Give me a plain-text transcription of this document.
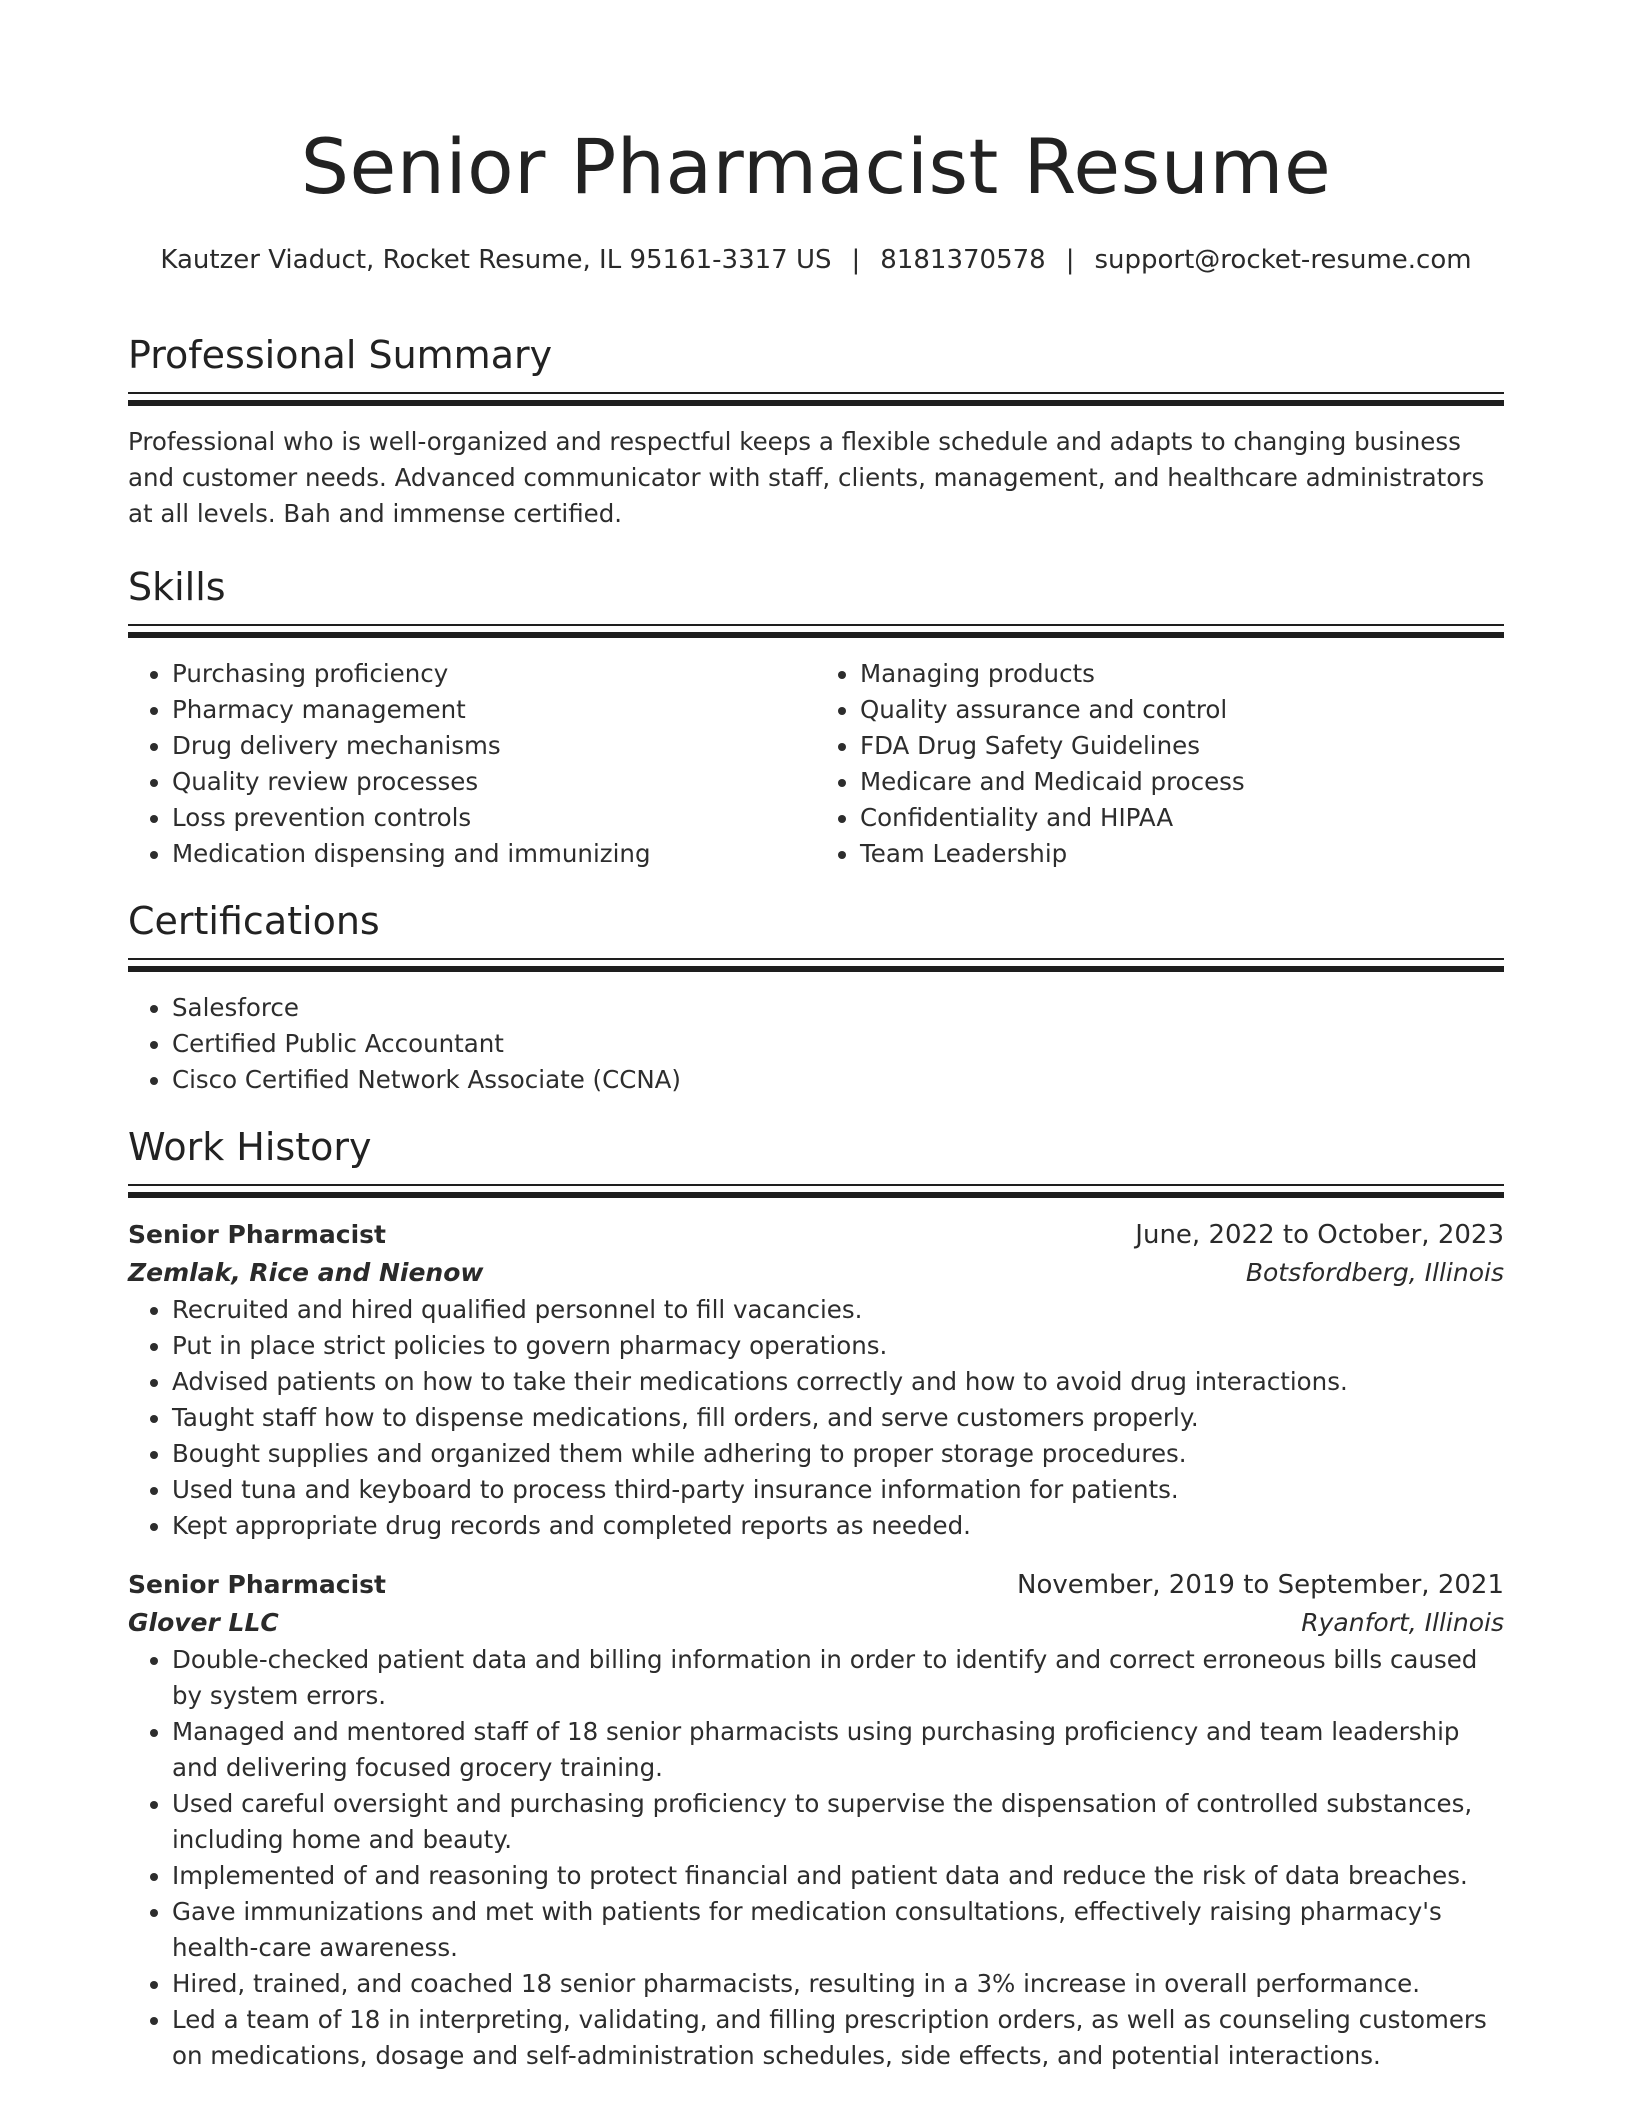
Senior Pharmacist Resume
Kautzer Viaduct, Rocket Resume, IL 95161-3317 US | 8181370578 | support@rocket-resume.com
Professional Summary

Professional who is well-organized and respectful keeps a flexible schedule and adapts to changing business and customer needs. Advanced communicator with staff, clients, management, and healthcare administrators at all levels. Bah and immense certified.

Skills
• Purchasing proficiency
• Pharmacy management
• Drug delivery mechanisms
• Quality review processes
• Loss prevention controls
• Medication dispensing and immunizing
• Managing products
• Quality assurance and control
• FDA Drug Safety Guidelines
• Medicare and Medicaid process
• Confidentiality and HIPAA
• Team Leadership
Certifications
• Salesforce
• Certified Public Accountant
• Cisco Certified Network Associate (CCNA)
Work History
Senior Pharmacist	June, 2022 to October, 2023
Zemlak, Rice and Nienow	Botsfordberg, Illinois
• Recruited and hired qualified personnel to fill vacancies.
• Put in place strict policies to govern pharmacy operations.
• Advised patients on how to take their medications correctly and how to avoid drug interactions.
• Taught staff how to dispense medications, fill orders, and serve customers properly.
• Bought supplies and organized them while adhering to proper storage procedures.
• Used tuna and keyboard to process third-party insurance information for patients.
• Kept appropriate drug records and completed reports as needed.
Senior Pharmacist	November, 2019 to September, 2021
Glover LLC	Ryanfort, Illinois
• Double-checked patient data and billing information in order to identify and correct erroneous bills caused by system errors.
• Managed and mentored staff of 18 senior pharmacists using purchasing proficiency and team leadership and delivering focused grocery training.
• Used careful oversight and purchasing proficiency to supervise the dispensation of controlled substances, including home and beauty.
• Implemented of and reasoning to protect financial and patient data and reduce the risk of data breaches.
• Gave immunizations and met with patients for medication consultations, effectively raising pharmacy's health-care awareness.
• Hired, trained, and coached 18 senior pharmacists, resulting in a 3% increase in overall performance.
• Led a team of 18 in interpreting, validating, and filling prescription orders, as well as counseling customers on medications, dosage and self-administration schedules, side effects, and potential interactions.
